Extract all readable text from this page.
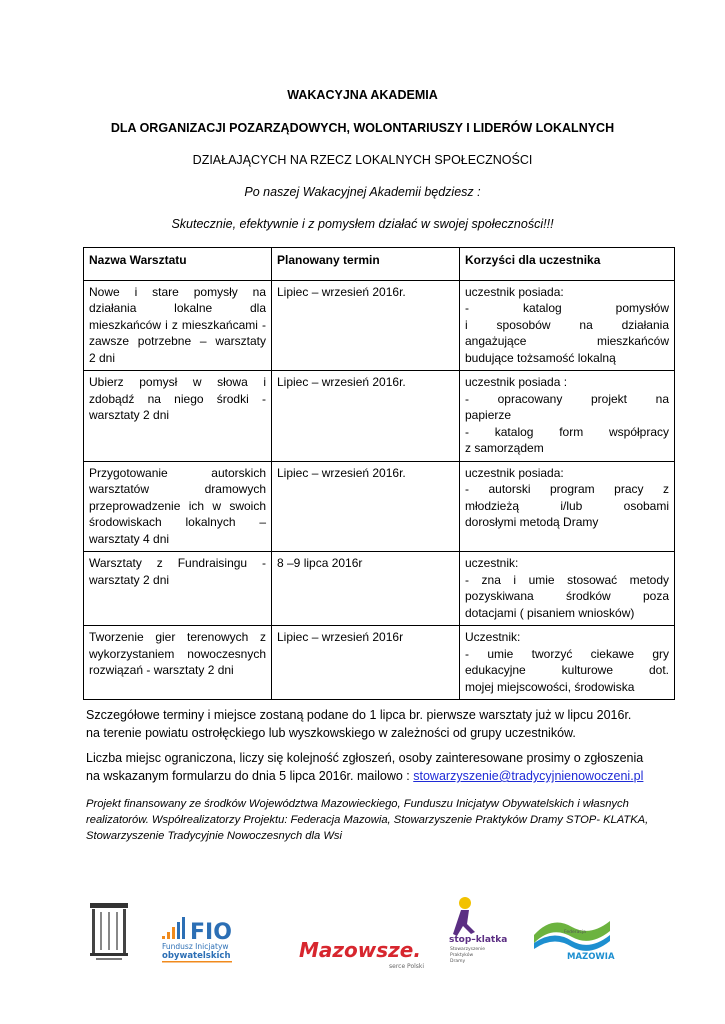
WAKACYJNA AKADEMIA
DLA ORGANIZACJI POZARZĄDOWYCH, WOLONTARIUSZY I LIDERÓW LOKALNYCH
DZIAŁAJĄCYCH NA RZECZ LOKALNYCH SPOŁECZNOŚCI
Po naszej Wakacyjnej Akademii będziesz :
Skutecznie, efektywnie i z pomysłem działać w swojej społeczności!!!
Nazwa Warsztatu	Planowany termin	Korzyści dla uczestnika

Nowe i stare pomysły na
działania lokalne dla
mieszkańców i z mieszkańcami -
zawsze potrzebne – warsztaty
2 dni	Lipiec – wrzesień 2016r.	uczestnik posiada:
- katalog pomysłów
i sposobów na działania
angażujące mieszkańców
budujące tożsamość lokalną

Ubierz pomysł w słowa i
zdobądź na niego środki -
warsztaty 2 dni	Lipiec – wrzesień 2016r.	uczestnik posiada :
- opracowany projekt na
papierze
- katalog form współpracy
z samorządem

Przygotowanie autorskich
warsztatów dramowych
przeprowadzenie ich w swoich
środowiskach lokalnych –
warsztaty 4 dni	Lipiec – wrzesień 2016r.	uczestnik posiada:
- autorski program pracy z
młodzieżą i/lub osobami
dorosłymi metodą Dramy

Warsztaty z Fundraisingu -
warsztaty 2 dni	8 –9 lipca 2016r	uczestnik:
- zna i umie stosować metody
pozyskiwana środków poza
dotacjami ( pisaniem wniosków)

Tworzenie gier terenowych z
wykorzystaniem nowoczesnych
rozwiązań - warsztaty 2 dni	Lipiec – wrzesień 2016r	Uczestnik:
- umie tworzyć ciekawe gry
edukacyjne kulturowe dot.
mojej miejscowości, środowiska
Szczegółowe terminy i miejsce zostaną podane do 1 lipca br. pierwsze warsztaty już w lipcu 2016r.
na terenie powiatu ostrołęckiego lub wyszkowskiego w zależności od grupy uczestników.
Liczba miejsc ograniczona, liczy się kolejność zgłoszeń, osoby zainteresowane prosimy o zgłoszenia
na wskazanym formularzu do dnia 5 lipca 2016r. mailowo : stowarzyszenie@tradycyjnienowoczeni.pl
Projekt finansowany ze środków Województwa Mazowieckiego, Funduszu Inicjatyw Obywatelskich i własnych
realizatorów. Współrealizatorzy Projektu: Federacja Mazowia, Stowarzyszenie Praktyków Dramy STOP- KLATKA,
Stowarzyszenie Tradycyjnie Nowoczesnych dla Wsi
FIO
Fundusz Inicjatyw
obywatelskich	Mazowsze.
serce Polski
stop–klatka
Stowarzyszenie
Praktyków
Dramy
Federacja
MAZOWIA
